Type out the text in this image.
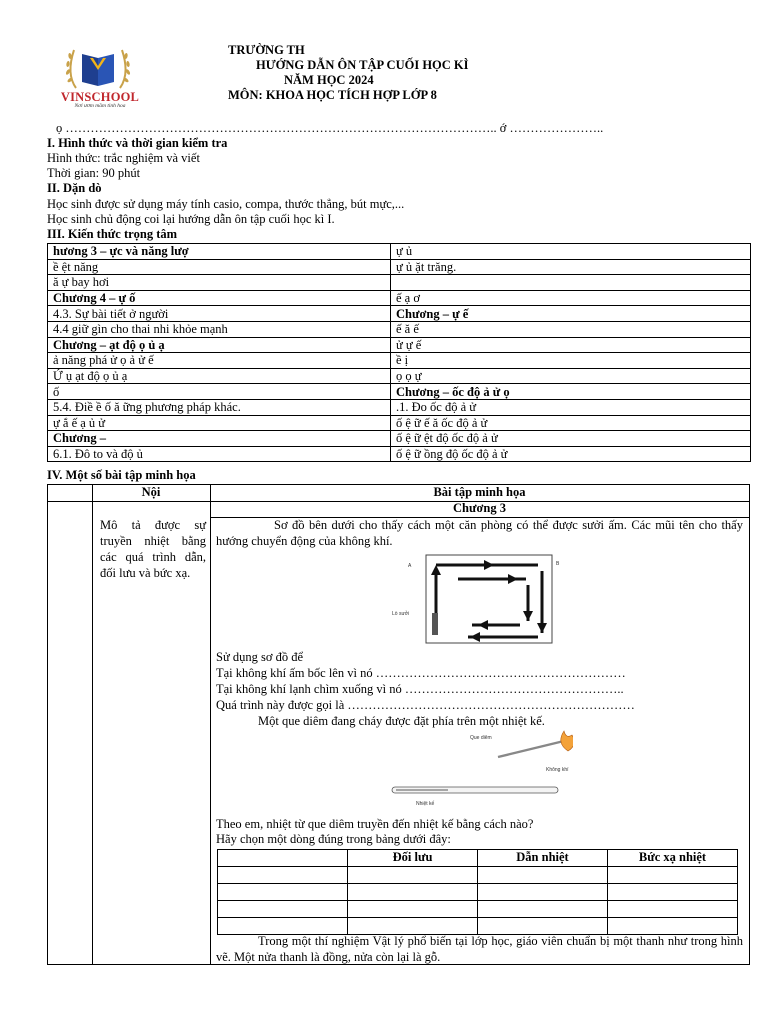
VINSCHOOL
Nơi ươm mầm tinh hoa
TRƯỜNG TH
HƯỚNG DẪN ÔN TẬP CUỐI HỌC KÌ
NĂM HỌC 2024
MÔN: KHOA HỌC TÍCH HỢP LỚP 8
ọ ………………………………………………………………………………………….. ớ …………………..
I. Hình thức và thời gian kiểm tra
Hình thức: trắc nghiệm và viết
Thời gian: 90 phút
II. Dặn dò
Học sinh được sử dụng máy tính casio, compa, thước thẳng, bút mực,...
Học sinh chủ động coi lại hướng dẫn ôn tập cuối học kì I.
III. Kiến thức trọng tâm
hương 3 – ực và năng lượ	ự ủ
ề ệt năng	ự ủ ặt trăng.
ă ự bay hơi	
Chương 4 – ự ố	ế ạ ơ
4.3. Sự bài tiết ở người	Chương – ự ế
4.4 giữ gìn cho thai nhi khỏe mạnh	ế ă ế
Chương – ạt độ ọ ủ ạ	ử ự ế
ả năng phá ử ọ ả ử ế	ề ị
Ứ ụ ạt độ ọ ủ ạ	ọ ọ ự
ố	Chương – ốc độ ả ử ọ
5.4. Điề ề ố ă ững phương pháp khác.	.1. Đo ốc độ ả ử
ự ắ ế ạ ủ ử	ố ệ ữ ế ă ốc độ ả ử
Chương –	ố ệ ữ ệt độ ốc độ ả ử
6.1. Đô to và độ ủ	ố ệ ữ ồng độ ốc độ ả ử
IV. Một số bài tập minh họa
Nội	Bài tập minh họa
Chương 3
Mô tả được sự truyền nhiệt bằng các quá trình dẫn, đối lưu và bức xạ.
Sơ đồ bên dưới cho thấy cách một căn phòng có thể được sưởi ấm. Các mũi tên cho thấy hướng chuyển động của không khí.
A	B
Lò sưởi
Sử dụng sơ đồ để
Tại không khí ấm bốc lên vì nó ……………………………………………………
Tại không khí lạnh chìm xuống vì nó ……………………………………………..
Quá trình này được gọi là ……………………………………………………………
Một que diêm đang cháy được đặt phía trên một nhiệt kế.
Que diêm
Không khí
Nhiệt kế
Theo em, nhiệt từ que diêm truyền đến nhiệt kế bằng cách nào?
Hãy chọn một dòng đúng trong bảng dưới đây:
	Đối lưu	Dẫn nhiệt	Bức xạ nhiệt

Trong một thí nghiệm Vật lý phổ biến tại lớp học, giáo viên chuẩn bị một thanh như trong hình vẽ. Một nửa thanh là đồng, nửa còn lại là gỗ.
